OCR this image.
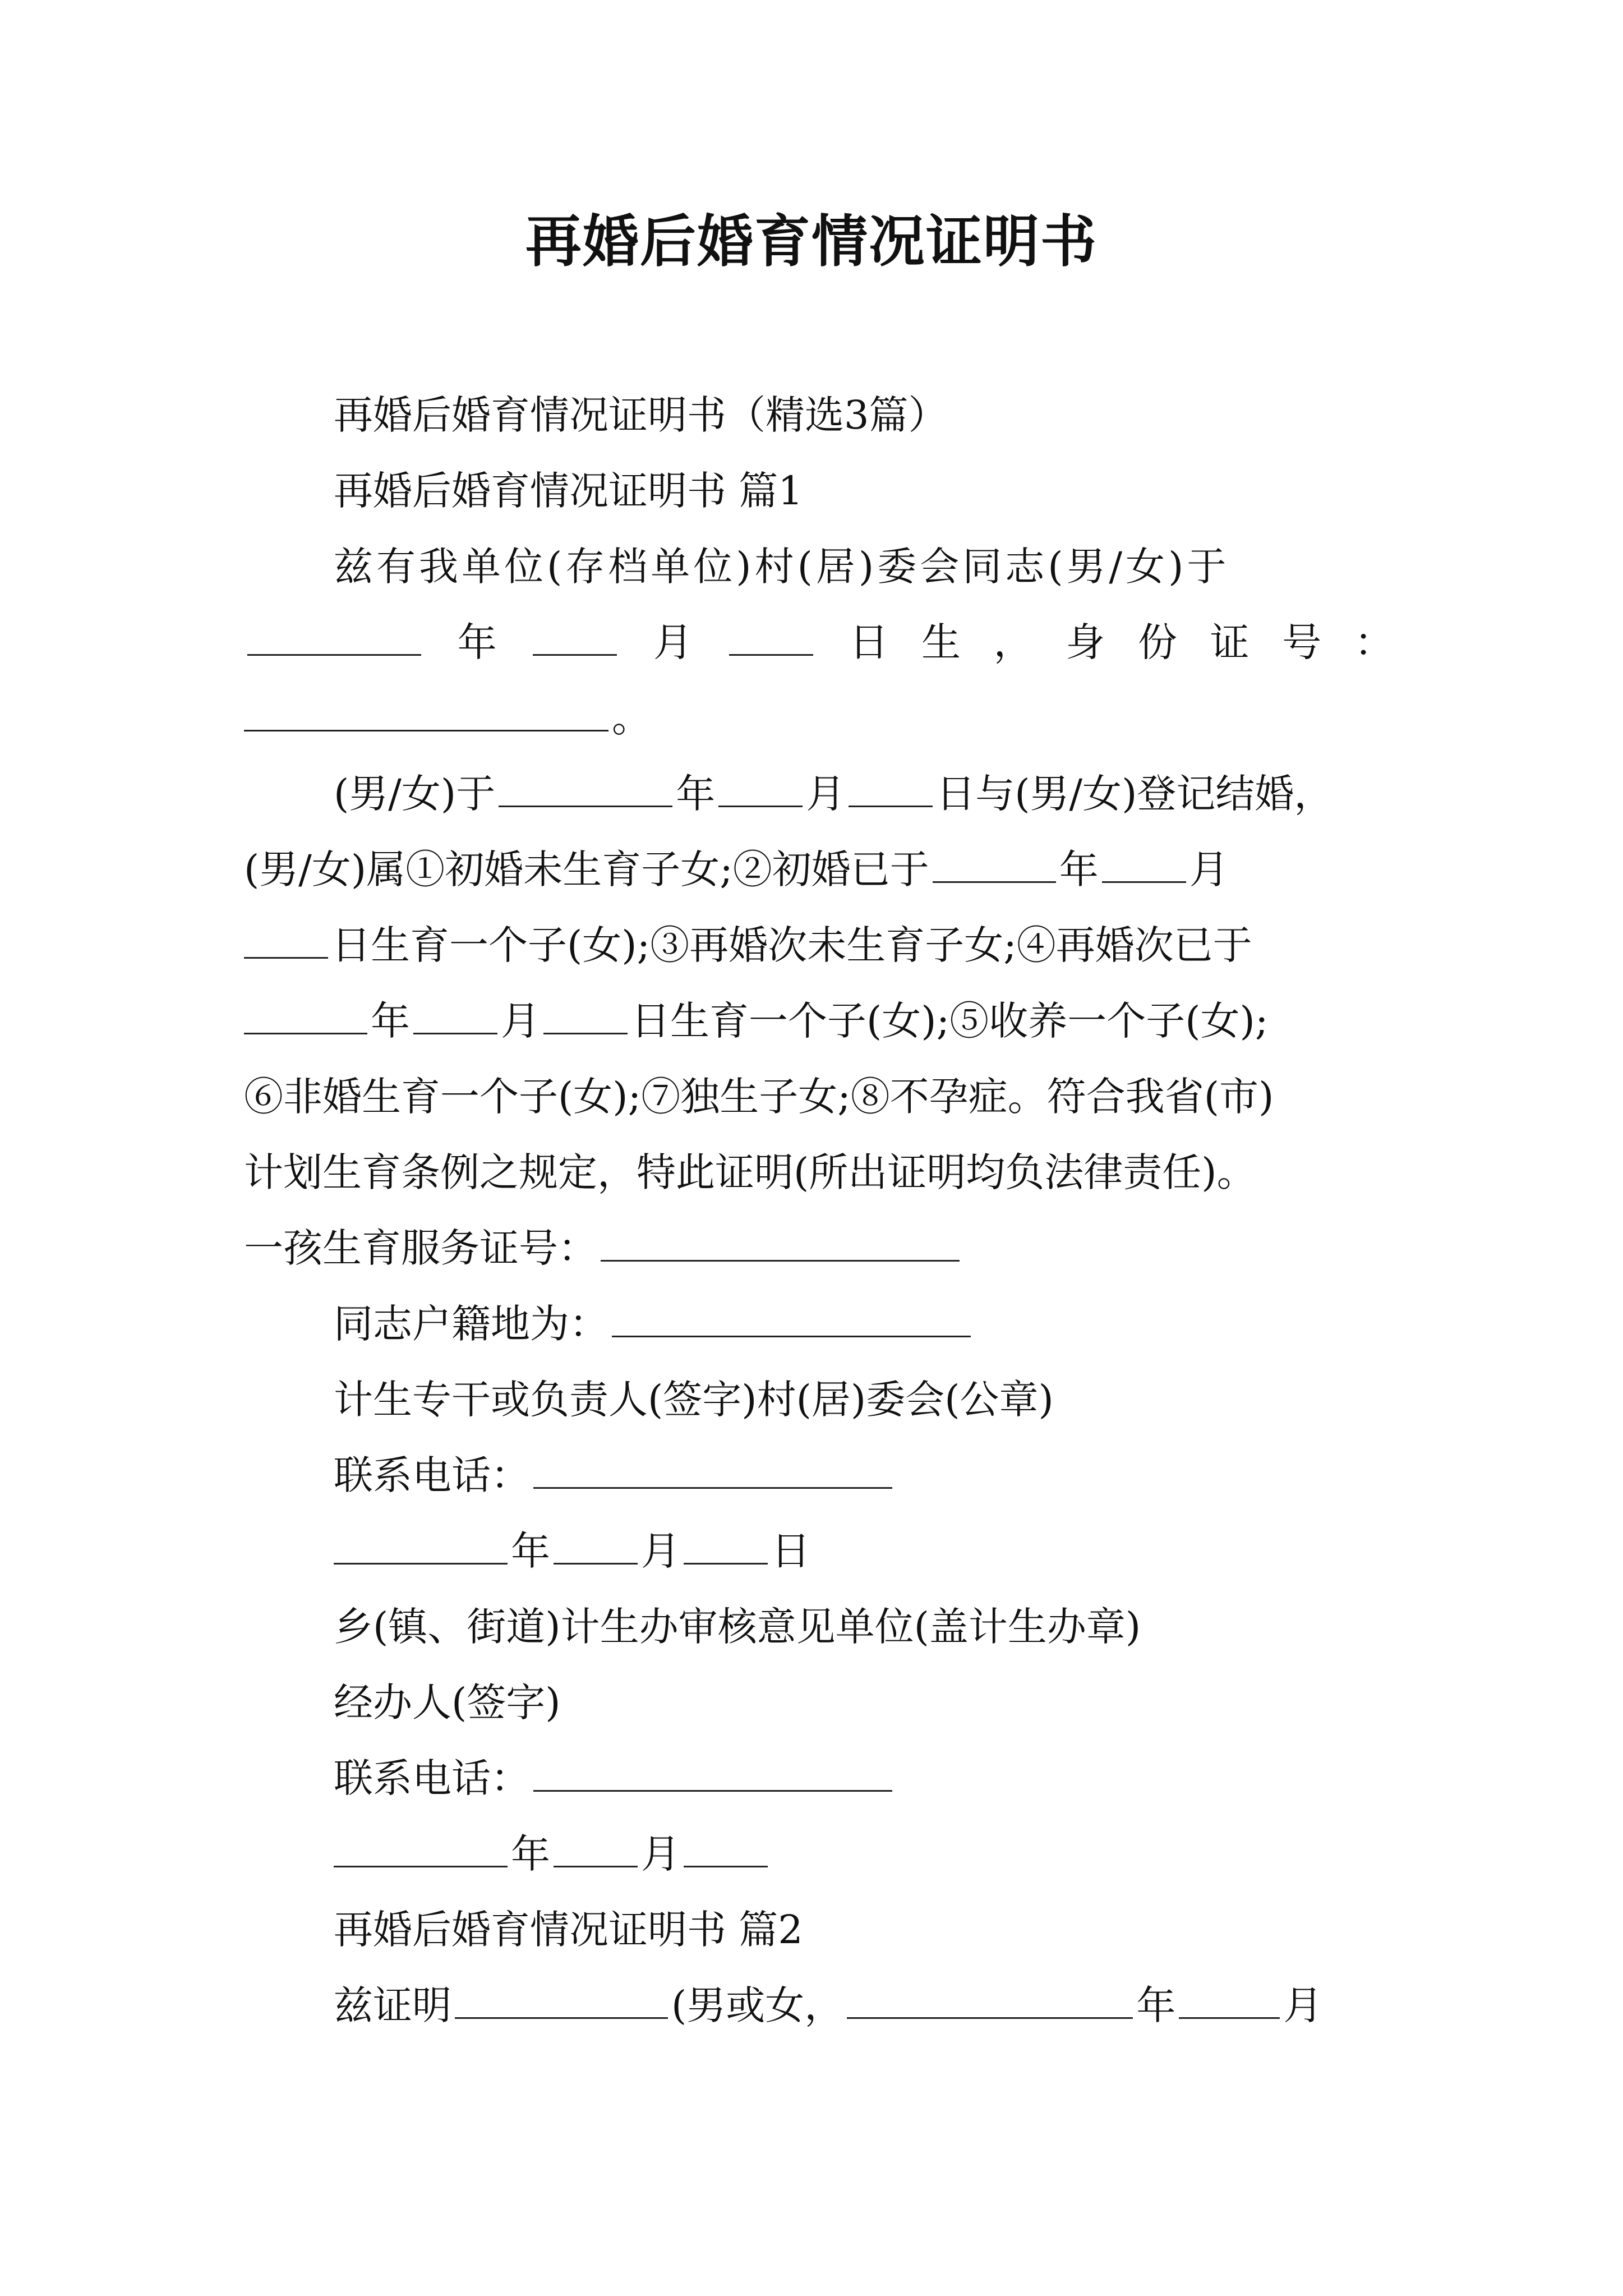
再婚后婚育情况证明书
再婚后婚育情况证明书（精选3篇）
再婚后婚育情况证明书 篇1
兹有我单位(存档单位)村(居)委会同志(男/女)于
年	月	日 生 ， 身 份 证 号 ：
。
(男/女)于	年 月 日与(男/女)登记结婚，
(男/女)属①初婚未生育子女;②初婚已于	年 月
日生育一个子(女);③再婚次未生育子女;④再婚次已于
年 月 日生育一个子(女);⑤收养一个子(女);
⑥非婚生育一个子(女);⑦独生子女;⑧不孕症。符合我省(市)
计划生育条例之规定，特此证明(所出证明均负法律责任)。
一孩生育服务证号：
同志户籍地为：
计生专干或负责人(签字)村(居)委会(公章)
联系电话：
年 月 日
乡(镇、街道)计生办审核意见单位(盖计生办章)
经办人(签字)
联系电话：
年 月
再婚后婚育情况证明书 篇2
兹证明	(男或女，	年	月
